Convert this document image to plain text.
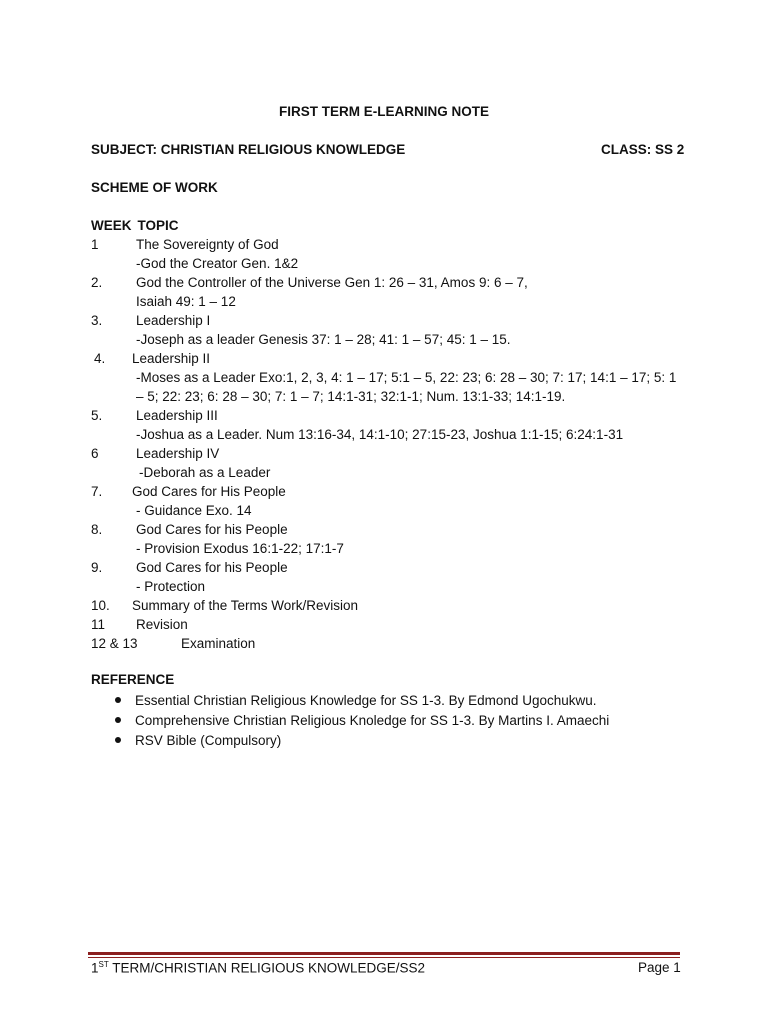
FIRST TERM E-LEARNING NOTE
SUBJECT: CHRISTIAN RELIGIOUS KNOWLEDGE	CLASS: SS 2
SCHEME OF WORK
WEEK TOPIC
1	The Sovereignty of God
-God the Creator Gen. 1&2
2. God the Controller of the Universe Gen 1: 26 – 31, Amos 9: 6 – 7,
Isaiah 49: 1 – 12
3. Leadership I
-Joseph as a leader Genesis 37: 1 – 28; 41: 1 – 57; 45: 1 – 15.
4. Leadership II
-Moses as a Leader Exo:1, 2, 3, 4: 1 – 17; 5:1 – 5, 22: 23; 6: 28 – 30; 7: 17; 14:1 – 17; 5: 1
– 5; 22: 23; 6: 28 – 30; 7: 1 – 7; 14:1-31; 32:1-1; Num. 13:1-33; 14:1-19.
5. Leadership III
-Joshua as a Leader. Num 13:16-34, 14:1-10; 27:15-23, Joshua 1:1-15; 6:24:1-31
6	Leadership IV
-Deborah as a Leader
7. God Cares for His People
- Guidance Exo. 14
8. God Cares for his People
- Provision Exodus 16:1-22; 17:1-7
9. God Cares for his People
- Protection
10. Summary of the Terms Work/Revision
11 Revision
12 & 13	Examination
REFERENCE
Essential Christian Religious Knowledge for SS 1-3. By Edmond Ugochukwu.
Comprehensive Christian Religious Knoledge for SS 1-3. By Martins I. Amaechi
RSV Bible (Compulsory)
1ST TERM/CHRISTIAN RELIGIOUS KNOWLEDGE/SS2	Page 1
